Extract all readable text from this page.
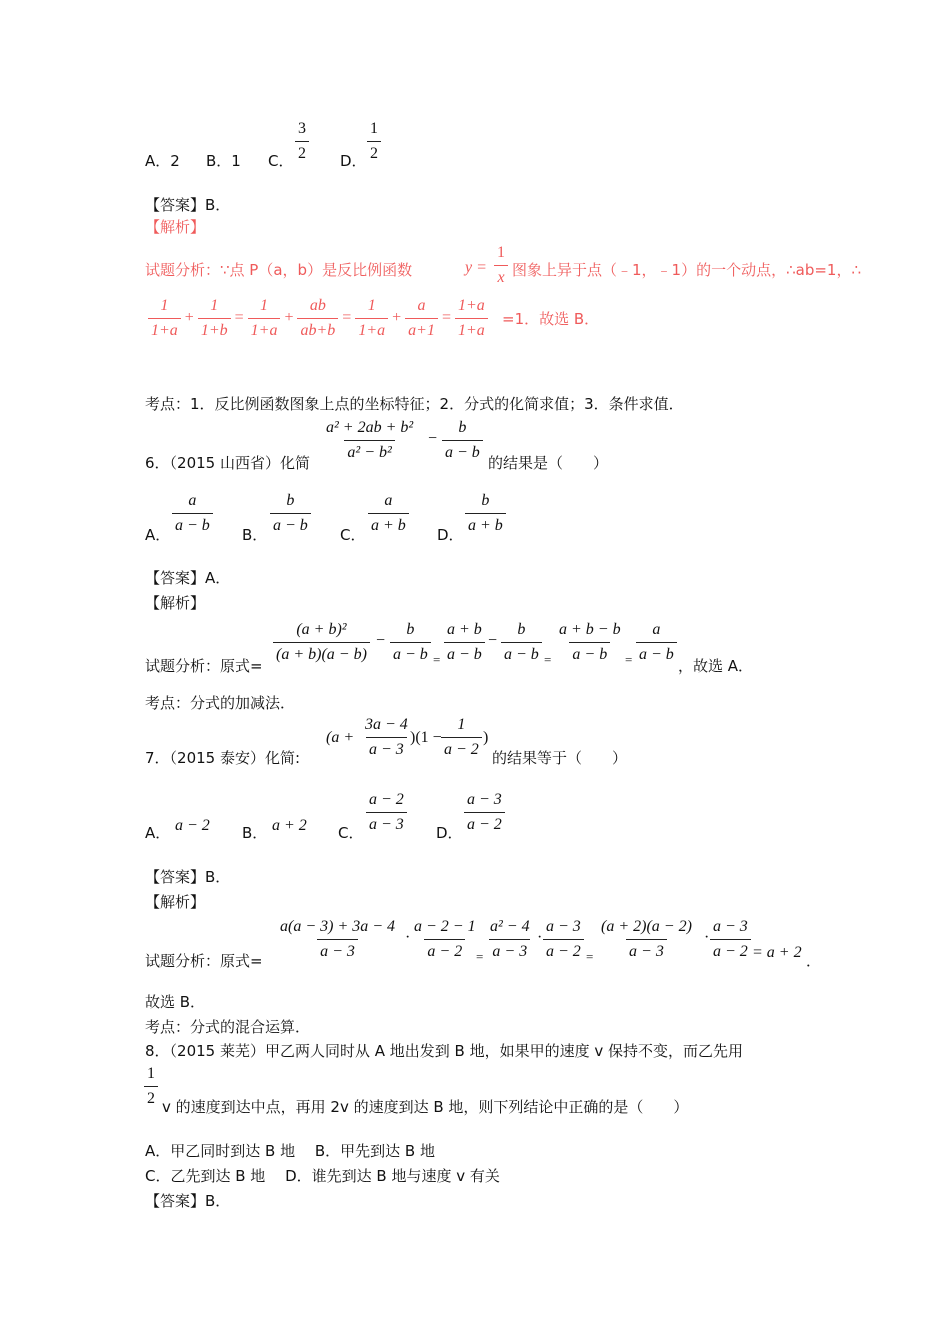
A．2 B．1 C． $\frac{3}{2}$ D． $\frac{1}{2}$
【答案】B．
【解析】
试题分析：∵点 P（a，b）是反比例函数	$y = \frac{1}{x}$ 图象上异于点（﹣1，﹣1）的一个动点，∴ab=1，∴
$\frac{1}{1+a} + \frac{1}{1+b} = \frac{1}{1+a} + \frac{ab}{ab+b} = \frac{1}{1+a} + \frac{a}{a+1} = \frac{1+a}{1+a} =1$．故选 B．
考点：1．反比例函数图象上点的坐标特征；2．分式的化简求值；3．条件求值．
6．（2015 山西省）化简
$\frac{\text{a² + 2ab + b²}}{\text{a² − b²}} - \frac{b}{a - b}$
的结果是（　　）
A．
$\frac{a}{a - b}$
B．
$\frac{b}{a - b}$
C．
$\frac{a}{a + b}$
D．
$\frac{b}{a + b}$
【答案】A．
【解析】
试题分析：原式=
$\frac{\text{(a + b)²}}{(a + b)(a - b)} - \frac{b}{a - b} = \frac{a + b}{a - b} - \frac{b}{a - b} = \frac{a + b - b}{a - b} = \frac{a}{a - b}$
，故选 A．
考点：分式的加减法．
7．（2015 泰安）化简:
$(a + \frac{3a - 4}{a - 3} )(1 - \frac{1}{a - 2}$ )
的结果等于（　　）
A． a − 2 B． a + 2 C． $\frac{a - 2}{a - 3}$ D． $\frac{a - 3}{a - 2}$
【答案】B．
【解析】
试题分析：原式=
$\frac{a(a - 3) + 3a - 4}{a - 3} \cdot \frac{a - 2 - 1}{a - 2}$
= $\frac{\text{a² − 4}}{a - 3} \cdot \frac{a - 3}{a - 2} = \frac{(a + 2)(a - 2)}{a - 3} \cdot \frac{a - 3}{a - 2} = a + 2$ ．
故选 B．
考点：分式的混合运算．
8．（2015 莱芜）甲乙两人同时从 A 地出发到 B 地，如果甲的速度 v 保持不变，而乙先用
$\frac{1}{2}$ v 的速度到达中点，再用 2v 的速度到达 B 地，则下列结论中正确的是（　　）
A．甲乙同时到达 B 地　 B．甲先到达 B 地
C．乙先到达 B 地　 D．谁先到达 B 地与速度 v 有关
【答案】B．
